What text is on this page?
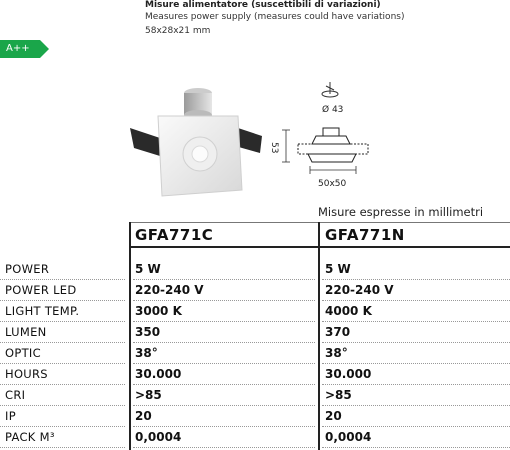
Misure alimentatore (suscettibili di variazioni)
Measures power supply (measures could have variations)
58x28x21 mm
A++
Ø 43
53
50x50
Misure espresse in millimetri
GFA771C	GFA771N
POWER	5 W	5 W
POWER LED	220-240 V	220-240 V
LIGHT TEMP.	3000 K	4000 K
LUMEN	350	370
OPTIC	38°	38°
HOURS	30.000	30.000
CRI	>85	>85
IP	20	20
PACK M³	0,0004	0,0004
